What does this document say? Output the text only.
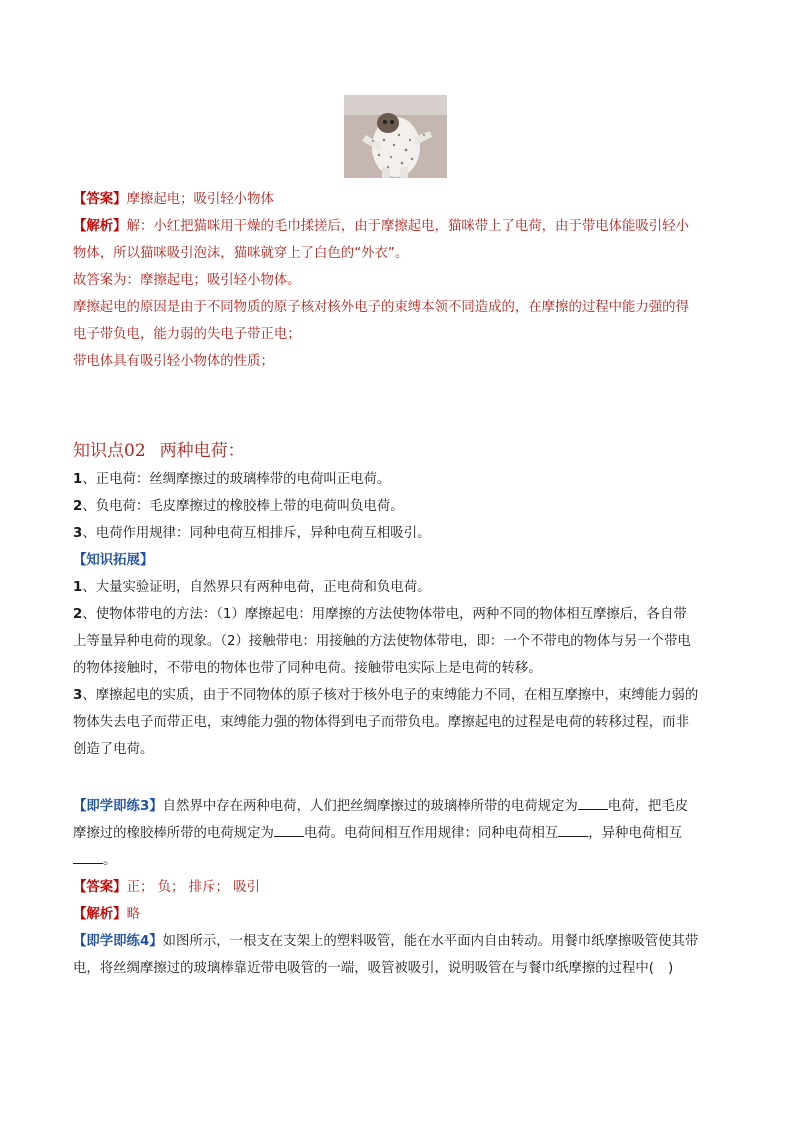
【答案】摩擦起电；吸引轻小物体
【解析】解：小红把猫咪用干燥的毛巾揉搓后，由于摩擦起电，猫咪带上了电荷，由于带电体能吸引轻小
物体，所以猫咪吸引泡沫，猫咪就穿上了白色的“外衣”。
故答案为：摩擦起电；吸引轻小物体。
摩擦起电的原因是由于不同物质的原子核对核外电子的束缚本领不同造成的，在摩擦的过程中能力强的得
电子带负电，能力弱的失电子带正电；
带电体具有吸引轻小物体的性质；
知识点02 两种电荷：
1、正电荷：丝绸摩擦过的玻璃棒带的电荷叫正电荷。
2、负电荷：毛皮摩擦过的橡胶棒上带的电荷叫负电荷。
3、电荷作用规律：同种电荷互相排斥，异种电荷互相吸引。
【知识拓展】
1、大量实验证明，自然界只有两种电荷，正电荷和负电荷。
2、使物体带电的方法：（1）摩擦起电：用摩擦的方法使物体带电，两种不同的物体相互摩擦后，各自带
上等量异种电荷的现象。（2）接触带电：用接触的方法使物体带电，即：一个不带电的物体与另一个带电
的物体接触时，不带电的物体也带了同种电荷。接触带电实际上是电荷的转移。
3、摩擦起电的实质，由于不同物体的原子核对于核外电子的束缚能力不同，在相互摩擦中，束缚能力弱的
物体失去电子而带正电，束缚能力强的物体得到电子而带负电。摩擦起电的过程是电荷的转移过程，而非
创造了电荷。
【即学即练3】自然界中存在两种电荷，人们把丝绸摩擦过的玻璃棒所带的电荷规定为 电荷，把毛皮
摩擦过的橡胶棒所带的电荷规定为 电荷。电荷间相互作用规律：同种电荷相互 ，异种电荷相互
。
【答案】正； 负； 排斥； 吸引
【解析】略
【即学即练4】如图所示，一根支在支架上的塑料吸管，能在水平面内自由转动。用餐巾纸摩擦吸管使其带
电，将丝绸摩擦过的玻璃棒靠近带电吸管的一端，吸管被吸引，说明吸管在与餐巾纸摩擦的过程中( )
